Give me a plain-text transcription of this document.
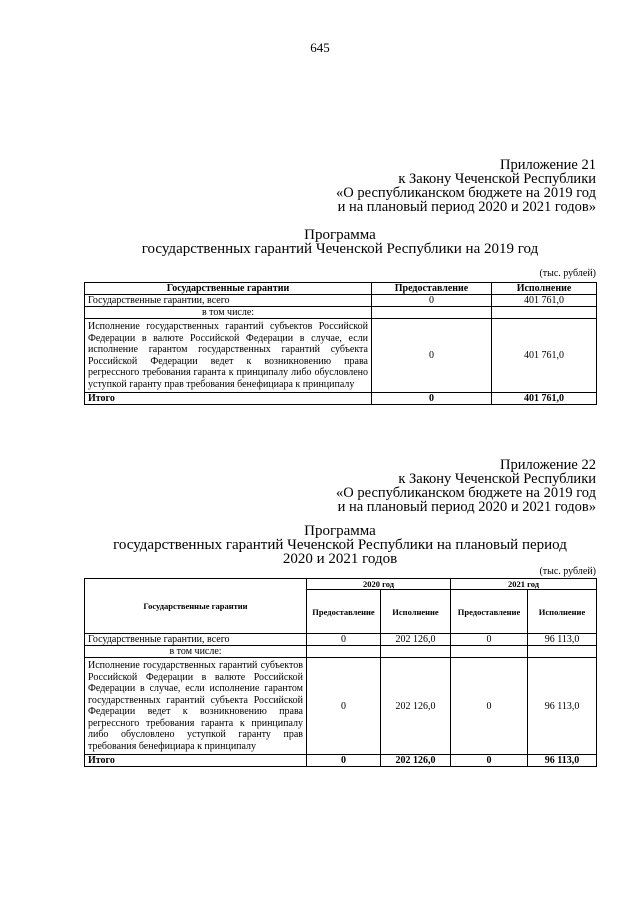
645
Приложение 21
к Закону Чеченской Республики
«О республиканском бюджете на 2019 год
и на плановый период 2020 и 2021 годов»
Программа
государственных гарантий Чеченской Республики на 2019 год
(тыс. рублей)
Государственные гарантии	Предоставление	Исполнение
Государственные гарантии, всего	0	401 761,0
в том числе:		
Исполнение государственных гарантий субъектов Российской Федерации в валюте Российской Федерации в случае, если исполнение гарантом государственных гарантий субъекта Российской Федерации ведет к возникновению права регрессного требования гаранта к принципалу либо обусловлено уступкой гаранту прав требования бенефициара к принципалу	0	401 761,0
Итого	0	401 761,0
Приложение 22
к Закону Чеченской Республики
«О республиканском бюджете на 2019 год
и на плановый период 2020 и 2021 годов»
Программа
государственных гарантий Чеченской Республики на плановый период
2020 и 2021 годов
(тыс. рублей)
Государственные гарантии	2020 год		2021 год	
	Предоставление	Исполнение	Предоставление	Исполнение
Государственные гарантии, всего	0	202 126,0	0	96 113,0
в том числе:				
Исполнение государственных гарантий субъектов Российской Федерации в валюте Российской Федерации в случае, если исполнение гарантом государственных гарантий субъекта Российской Федерации ведет к возникновению права регрессного требования гаранта к принципалу либо обусловлено уступкой гаранту прав требования бенефициара к принципалу	0	202 126,0	0	96 113,0
Итого	0	202 126,0	0	96 113,0
